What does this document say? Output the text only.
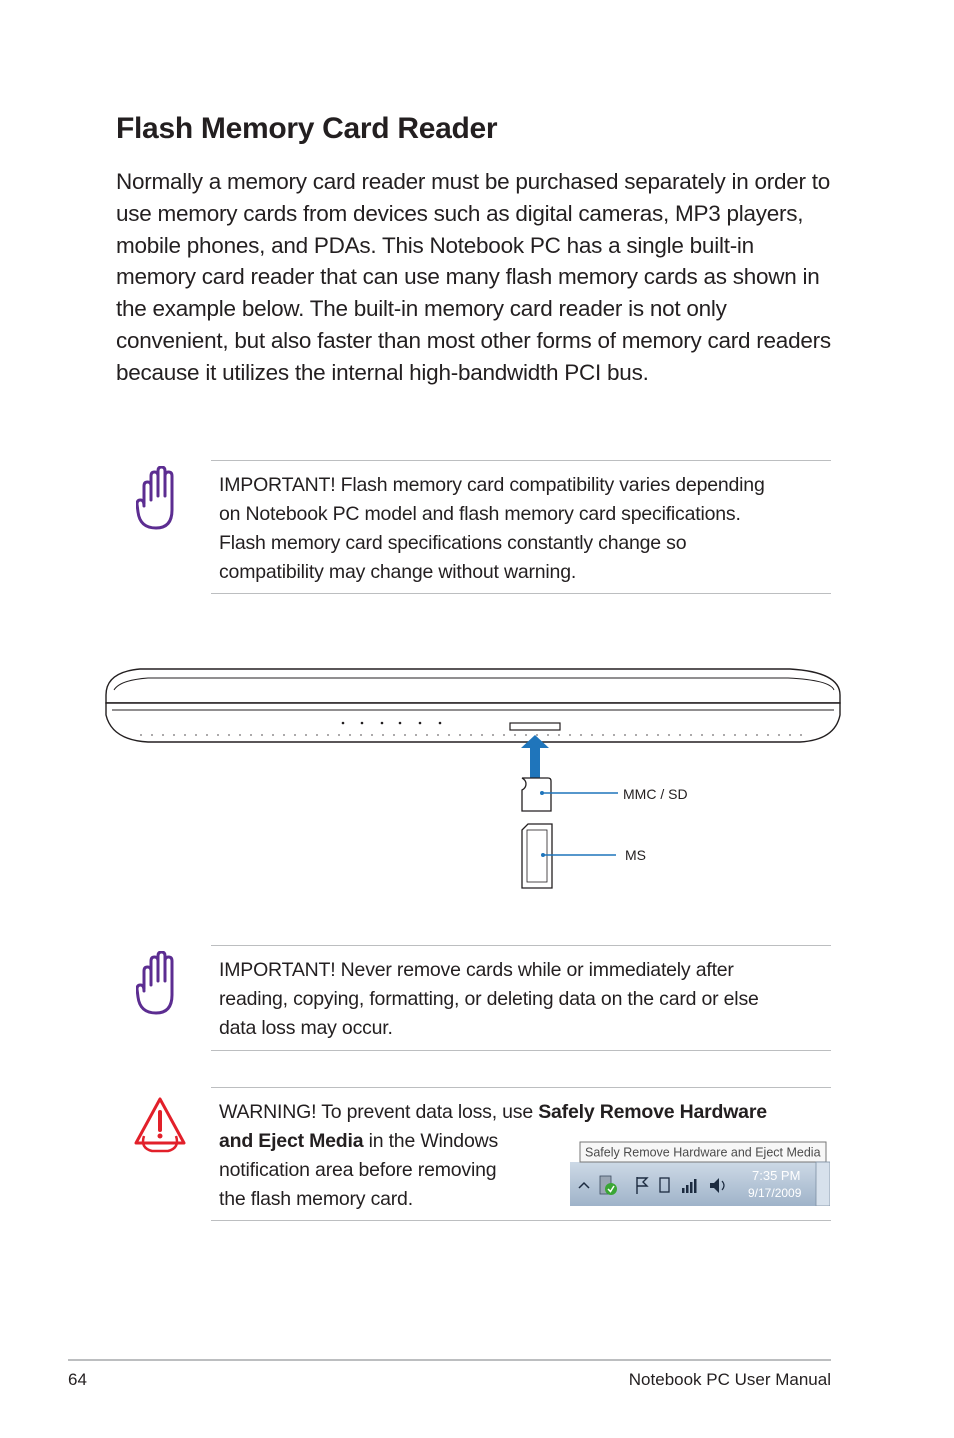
Flash Memory Card Reader

Normally a memory card reader must be purchased separately in order to use memory cards from devices such as digital cameras, MP3 players, mobile phones, and PDAs. This Notebook PC has a single built-in memory card reader that can use many flash memory cards as shown in the example below. The built-in memory card reader is not only convenient, but also faster than most other forms of memory card readers because it utilizes the internal high-bandwidth PCI bus.

IMPORTANT! Flash memory card compatibility varies depending
on Notebook PC model and flash memory card specifications.
Flash memory card specifications constantly change so
compatibility may change without warning.

MMC / SD
MS

IMPORTANT! Never remove cards while or immediately after
reading, copying, formatting, or deleting data on the card or else
data loss may occur.

WARNING! To prevent data loss, use Safely Remove Hardware
and Eject Media in the Windows
notification area before removing
the flash memory card.

Safely Remove Hardware and Eject Media
7:35 PM
9/17/2009
64	Notebook PC User Manual
